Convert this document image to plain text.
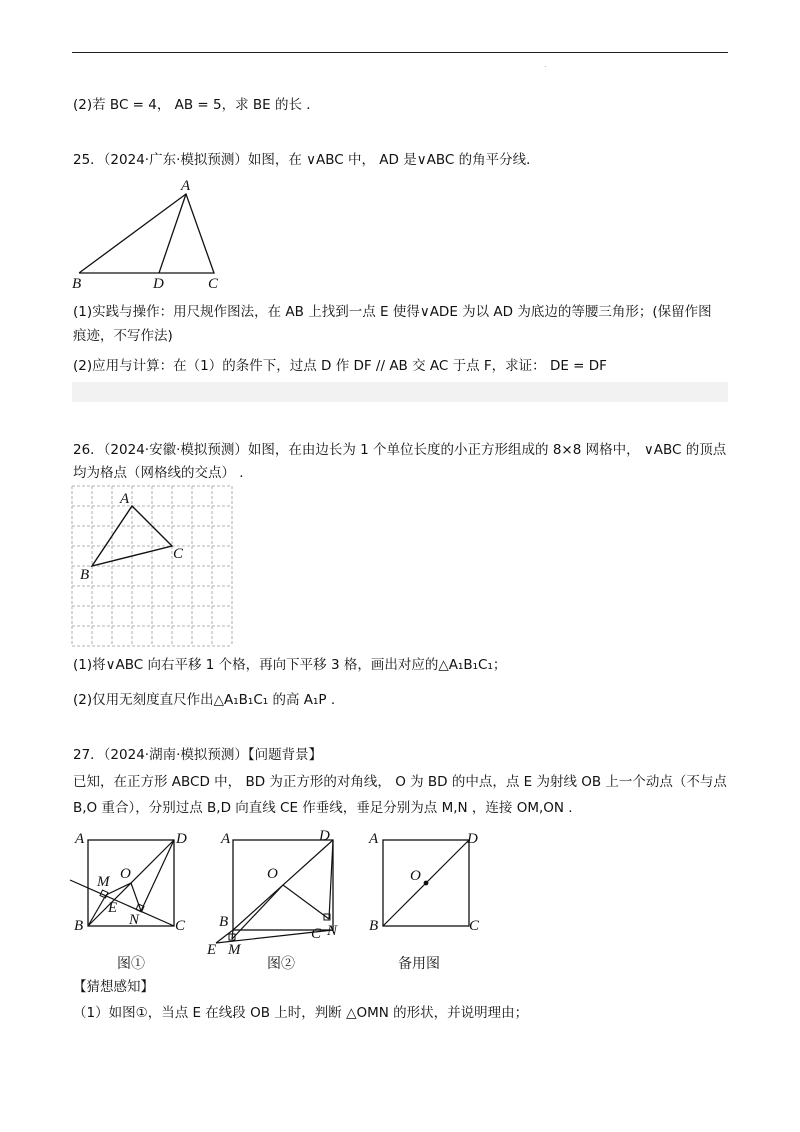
.
(2)若 BC = 4， AB = 5，求 BE 的长 .
25．（2024·广东·模拟预测）如图，在 ∨ABC 中， AD 是∨ABC 的角平分线．
A
B	D	C
(1)实践与操作：用尺规作图法，在 AB 上找到一点 E 使得∨ADE 为以 AD 为底边的等腰三角形；(保留作图
痕迹，不写作法)
(2)应用与计算：在（1）的条件下，过点 D 作 DF // AB 交 AC 于点 F，求证： DE = DF
26．（2024·安徽·模拟预测）如图，在由边长为 1 个单位长度的小正方形组成的 8×8 网格中， ∨ABC 的顶点
均为格点（网格线的交点） .
A
B
C
(1)将∨ABC 向右平移 1 个格，再向下平移 3 格，画出对应的△A₁B₁C₁；
(2)仅用无刻度直尺作出△A₁B₁C₁ 的高 A₁P .
27．（2024·湖南·模拟预测）【问题背景】
已知，在正方形 ABCD 中， BD 为正方形的对角线， O 为 BD 的中点，点 E 为射线 OB 上一个动点（不与点
B,O 重合），分别过点 B,D 向直线 CE 作垂线，垂足分别为点 M,N ，连接 OM,ON .
A	D
M O
E
N
B	C
图①
A	D
O
B
C N
E M
图②
A	D
O
B	C
备用图
【猜想感知】
（1）如图①，当点 E 在线段 OB 上时，判断 △OMN 的形状，并说明理由；
